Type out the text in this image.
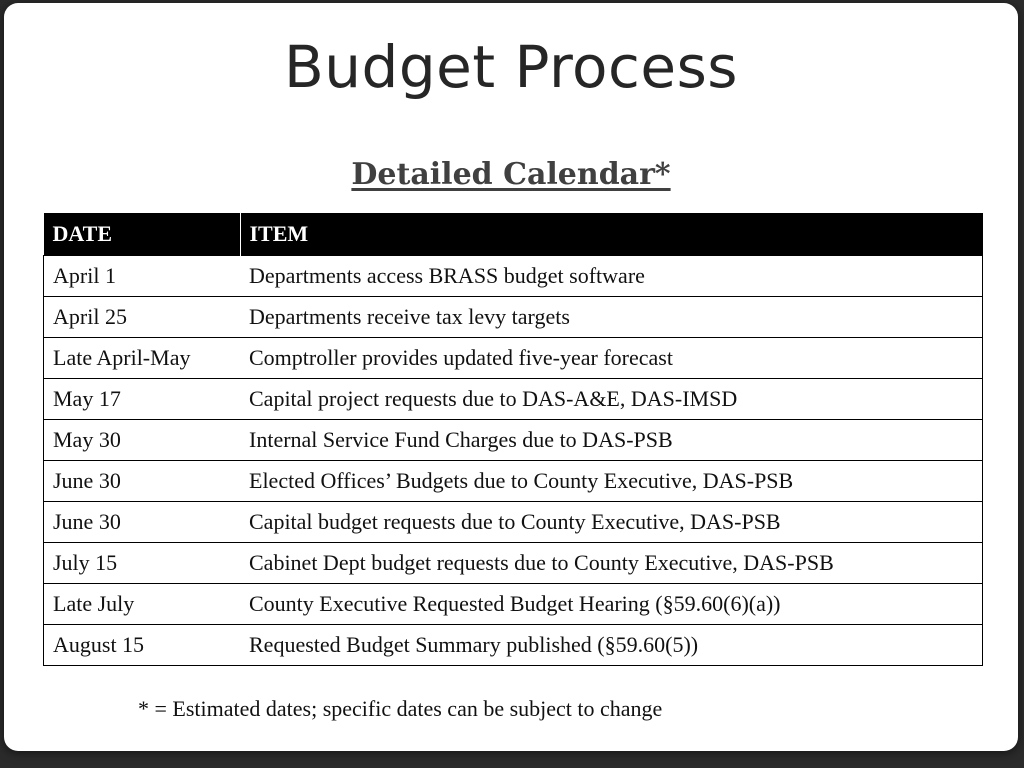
Budget Process
Detailed Calendar*
DATE	ITEM
April 1	Departments access BRASS budget software
April 25	Departments receive tax levy targets
Late April-May	Comptroller provides updated five-year forecast
May 17	Capital project requests due to DAS-A&E, DAS-IMSD
May 30	Internal Service Fund Charges due to DAS-PSB
June 30	Elected Offices’ Budgets due to County Executive, DAS-PSB
June 30	Capital budget requests due to County Executive, DAS-PSB
July 15	Cabinet Dept budget requests due to County Executive, DAS-PSB
Late July	County Executive Requested Budget Hearing (§59.60(6)(a))
August 15	Requested Budget Summary published (§59.60(5))

* = Estimated dates; specific dates can be subject to change
